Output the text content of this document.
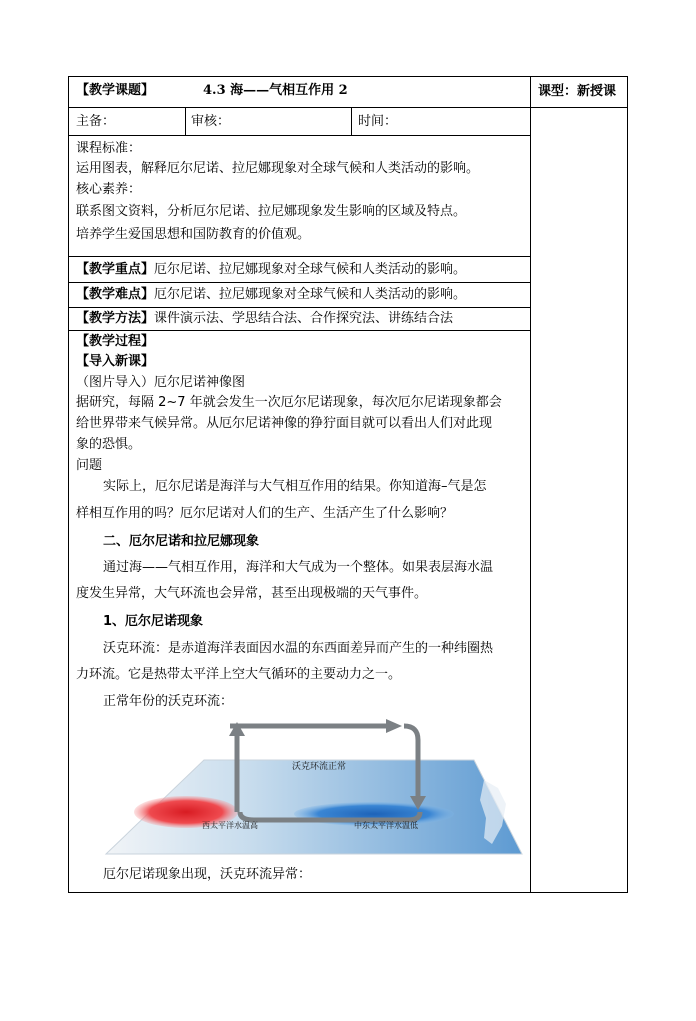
【教学课题】	4.3 海——气相互作用 2	课型：新授课
主备：	审核：	时间：
课程标准：
运用图表，解释厄尔尼诺、拉尼娜现象对全球气候和人类活动的影响。
核心素养：
联系图文资料，分析厄尔尼诺、拉尼娜现象发生影响的区域及特点。
培养学生爱国思想和国防教育的价值观。
【教学重点】厄尔尼诺、拉尼娜现象对全球气候和人类活动的影响。
【教学难点】厄尔尼诺、拉尼娜现象对全球气候和人类活动的影响。
【教学方法】课件演示法、学思结合法、合作探究法、讲练结合法
【教学过程】
【导入新课】
（图片导入）厄尔尼诺神像图
据研究，每隔 2~7 年就会发生一次厄尔尼诺现象，每次厄尔尼诺现象都会
给世界带来气候异常。从厄尔尼诺神像的狰狞面目就可以看出人们对此现
象的恐惧。
问题
实际上，厄尔尼诺是海洋与大气相互作用的结果。你知道海–气是怎
样相互作用的吗？厄尔尼诺对人们的生产、生活产生了什么影响？
二、厄尔尼诺和拉尼娜现象
通过海——气相互作用，海洋和大气成为一个整体。如果表层海水温
度发生异常，大气环流也会异常，甚至出现极端的天气事件。
1、厄尔尼诺现象
沃克环流：是赤道海洋表面因水温的东西面差异而产生的一种纬圈热
力环流。它是热带太平洋上空大气循环的主要动力之一。
正常年份的沃克环流：
沃克环流正常
西太平洋水温高	中东太平洋水温低
厄尔尼诺现象出现，沃克环流异常：
